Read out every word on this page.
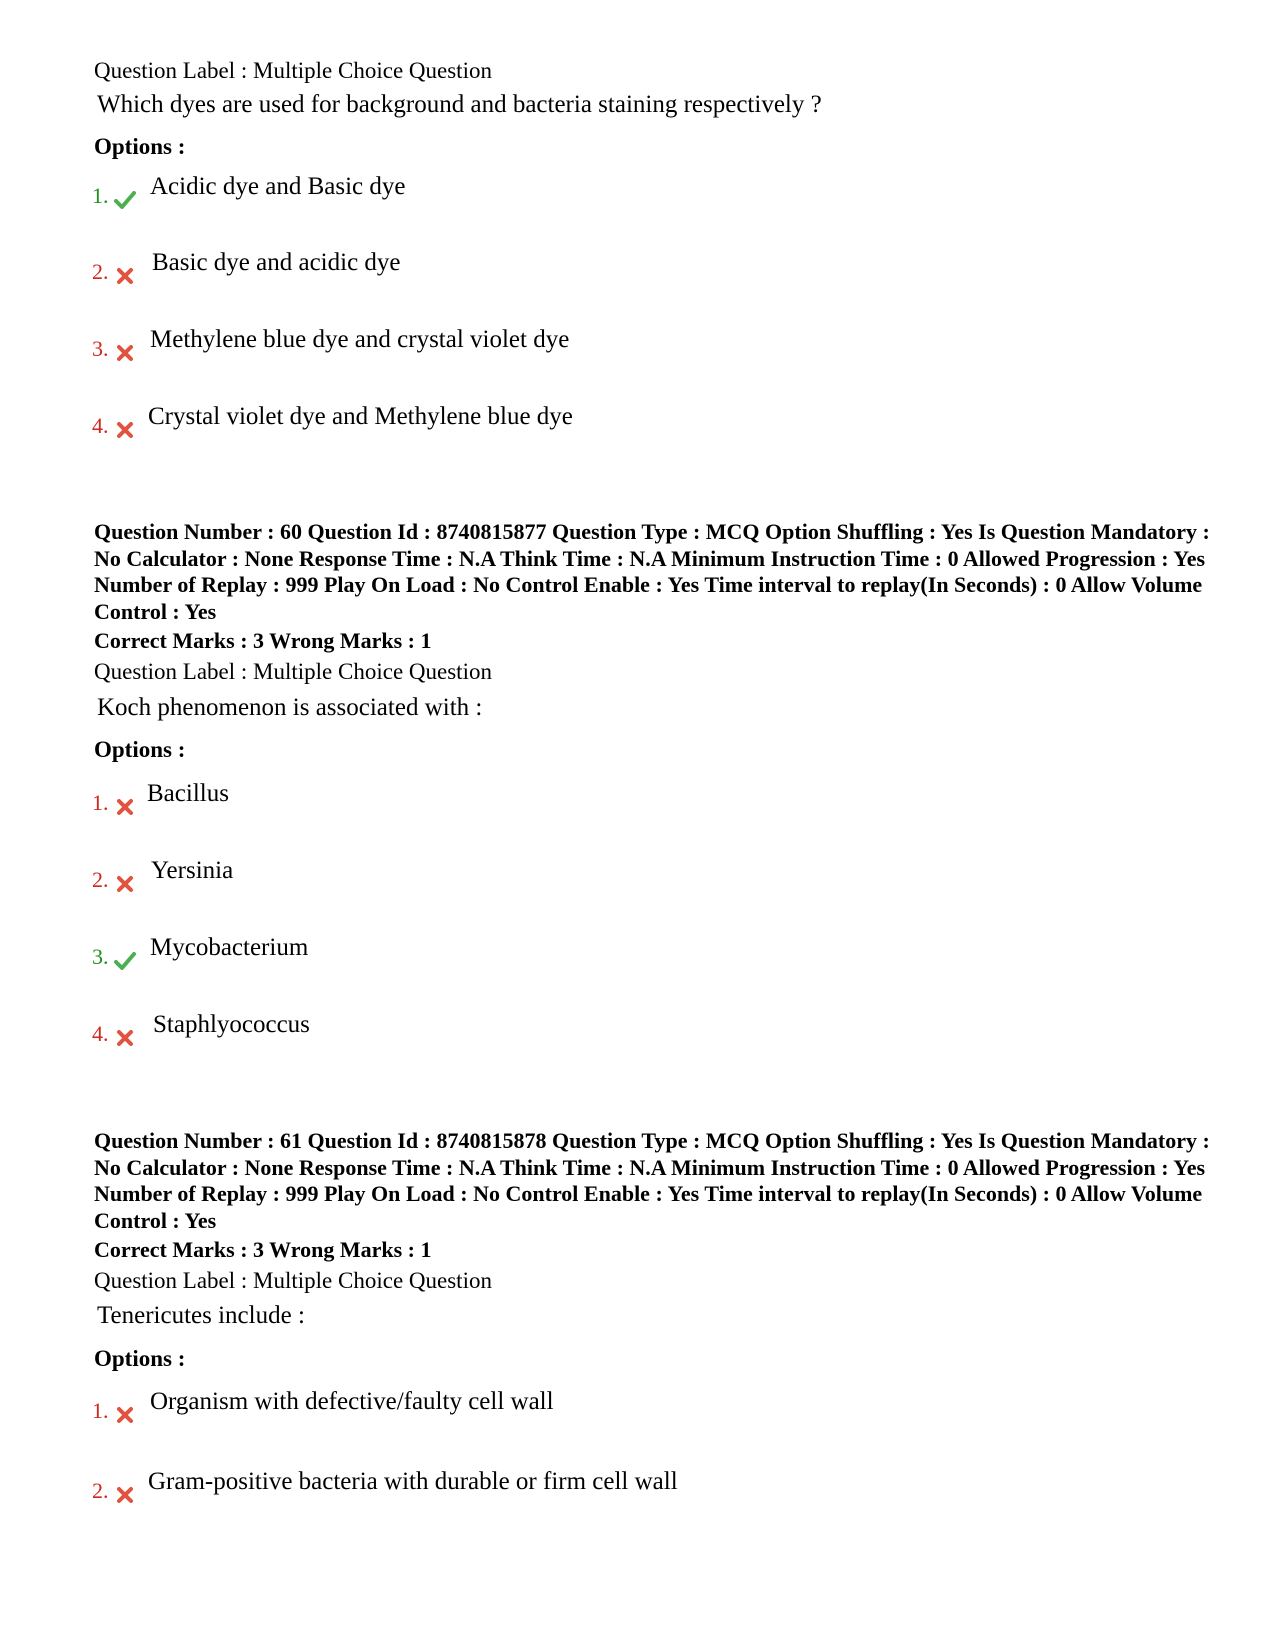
Question Label : Multiple Choice Question
Which dyes are used for background and bacteria staining respectively ?
Options :
1. Acidic dye and Basic dye
2. Basic dye and acidic dye
3. Methylene blue dye and crystal violet dye
4. Crystal violet dye and Methylene blue dye
Question Number : 60 Question Id : 8740815877 Question Type : MCQ Option Shuffling : Yes Is Question Mandatory : No Calculator : None Response Time : N.A Think Time : N.A Minimum Instruction Time : 0 Allowed Progression : Yes Number of Replay : 999 Play On Load : No Control Enable : Yes Time interval to replay(In Seconds) : 0 Allow Volume Control : Yes
Correct Marks : 3 Wrong Marks : 1
Question Label : Multiple Choice Question
Koch phenomenon is associated with :
Options :
1. Bacillus
2. Yersinia
3. Mycobacterium
4. Staphlyococcus
Question Number : 61 Question Id : 8740815878 Question Type : MCQ Option Shuffling : Yes Is Question Mandatory : No Calculator : None Response Time : N.A Think Time : N.A Minimum Instruction Time : 0 Allowed Progression : Yes Number of Replay : 999 Play On Load : No Control Enable : Yes Time interval to replay(In Seconds) : 0 Allow Volume Control : Yes
Correct Marks : 3 Wrong Marks : 1
Question Label : Multiple Choice Question
Tenericutes include :
Options :
1. Organism with defective/faulty cell wall
2. Gram-positive bacteria with durable or firm cell wall
